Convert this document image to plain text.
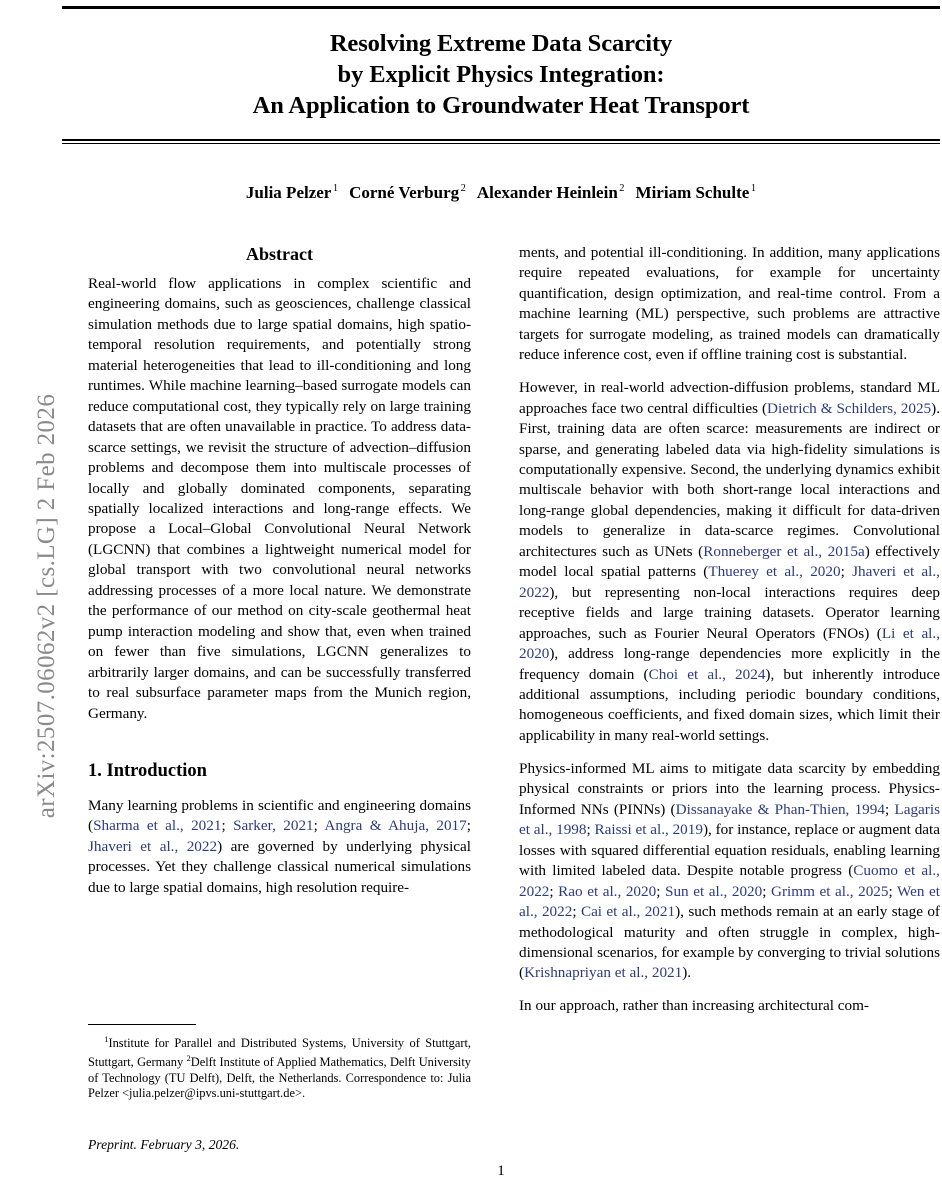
arXiv:2507.06062v2 [cs.LG] 2 Feb 2026
Resolving Extreme Data Scarcity
by Explicit Physics Integration:
An Application to Groundwater Heat Transport
Julia Pelzer $^1$ Corné Verburg $^2$ Alexander Heinlein $^2$ Miriam Schulte $^1$
Abstract

Real-world flow applications in complex scientific and engineering domains, such as geosciences, challenge classical simulation methods due to large spatial domains, high spatio-temporal resolution requirements, and potentially strong material heterogeneities that lead to ill-conditioning and long runtimes. While machine learning–based surrogate models can reduce computational cost, they typically rely on large training datasets that are often unavailable in practice. To address data-scarce settings, we revisit the structure of advection–diffusion problems and decompose them into multiscale processes of locally and globally dominated components, separating spatially localized interactions and long-range effects. We propose a Local–Global Convolutional Neural Network (LGCNN) that combines a lightweight numerical model for global transport with two convolutional neural networks addressing processes of a more local nature. We demonstrate the performance of our method on city-scale geothermal heat pump interaction modeling and show that, even when trained on fewer than five simulations, LGCNN generalizes to arbitrarily larger domains, and can be successfully transferred to real subsurface parameter maps from the Munich region, Germany.

1. Introduction

Many learning problems in scientific and engineering domains (Sharma et al., 2021; Sarker, 2021; Angra & Ahuja, 2017; Jhaveri et al., 2022) are governed by underlying physical processes. Yet they challenge classical numerical simulations due to large spatial domains, high resolution require-

ments, and potential ill-conditioning. In addition, many applications require repeated evaluations, for example for uncertainty quantification, design optimization, and real-time control. From a machine learning (ML) perspective, such problems are attractive targets for surrogate modeling, as trained models can dramatically reduce inference cost, even if offline training cost is substantial.

However, in real-world advection-diffusion problems, standard ML approaches face two central difficulties (Dietrich & Schilders, 2025). First, training data are often scarce: measurements are indirect or sparse, and generating labeled data via high-fidelity simulations is computationally expensive. Second, the underlying dynamics exhibit multiscale behavior with both short-range local interactions and long-range global dependencies, making it difficult for data-driven models to generalize in data-scarce regimes. Convolutional architectures such as UNets (Ronneberger et al., 2015a) effectively model local spatial patterns (Thuerey et al., 2020; Jhaveri et al., 2022), but representing non-local interactions requires deep receptive fields and large training datasets. Operator learning approaches, such as Fourier Neural Operators (FNOs) (Li et al., 2020), address long-range dependencies more explicitly in the frequency domain (Choi et al., 2024), but inherently introduce additional assumptions, including periodic boundary conditions, homogeneous coefficients, and fixed domain sizes, which limit their applicability in many real-world settings.

Physics-informed ML aims to mitigate data scarcity by embedding physical constraints or priors into the learning process. Physics-Informed NNs (PINNs) (Dissanayake & Phan-Thien, 1994; Lagaris et al., 1998; Raissi et al., 2019), for instance, replace or augment data losses with squared differential equation residuals, enabling learning with limited labeled data. Despite notable progress (Cuomo et al., 2022; Rao et al., 2020; Sun et al., 2020; Grimm et al., 2025; Wen et al., 2022; Cai et al., 2021), such methods remain at an early stage of methodological maturity and often struggle in complex, high-dimensional scenarios, for example by converging to trivial solutions (Krishnapriyan et al., 2021).

In our approach, rather than increasing architectural com-

$^1$Institute for Parallel and Distributed Systems, University of Stuttgart, Stuttgart, Germany $^2$Delft Institute of Applied Mathematics, Delft University of Technology (TU Delft), Delft, the Netherlands. Correspondence to: Julia Pelzer <julia.pelzer@ipvs.uni-stuttgart.de>.

Preprint. February 3, 2026.
1
